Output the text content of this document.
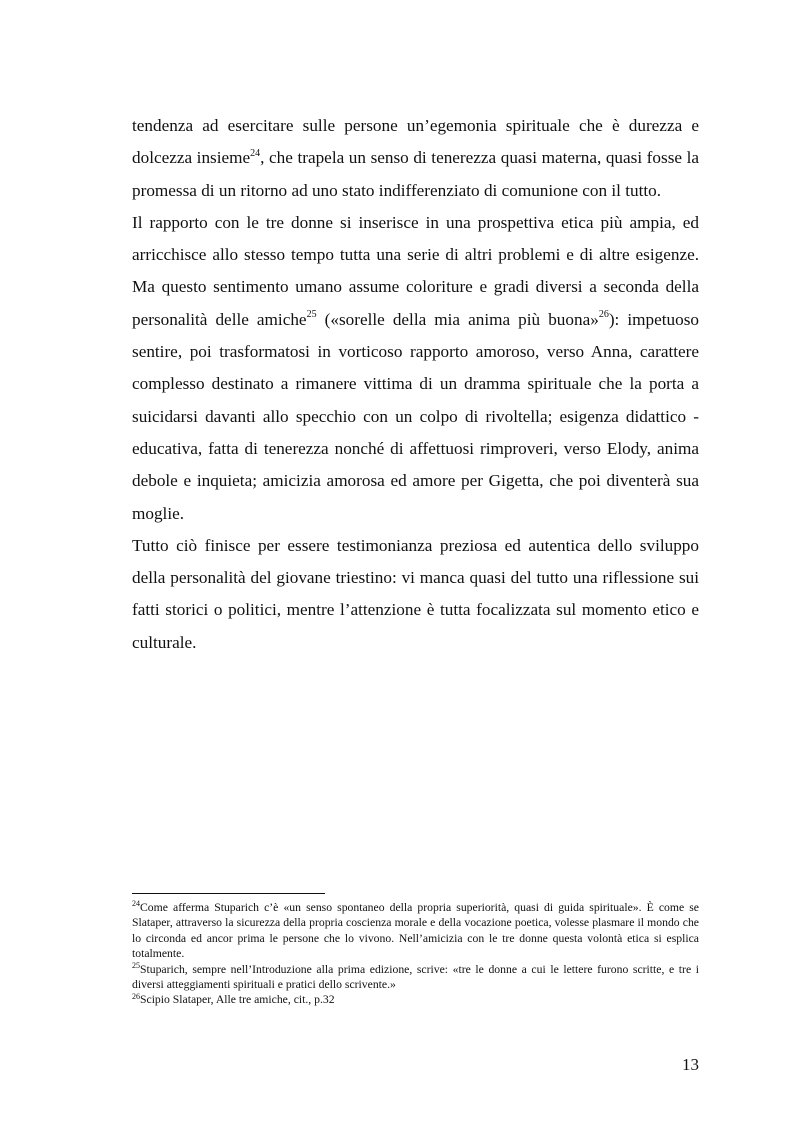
tendenza ad esercitare sulle persone un’egemonia spirituale che è durezza e dolcezza insieme$^{24}$, che trapela un senso di tenerezza quasi materna, quasi fosse la promessa di un ritorno ad uno stato indifferenziato di comunione con il tutto.

Il rapporto con le tre donne si inserisce in una prospettiva etica più ampia, ed arricchisce allo stesso tempo tutta una serie di altri problemi e di altre esigenze. Ma questo sentimento umano assume coloriture e gradi diversi a seconda della personalità delle amiche$^{25}$ («sorelle della mia anima più buona»$^{26}$): impetuoso sentire, poi trasformatosi in vorticoso rapporto amoroso, verso Anna, carattere complesso destinato a rimanere vittima di un dramma spirituale che la porta a suicidarsi davanti allo specchio con un colpo di rivoltella; esigenza didattico - educativa, fatta di tenerezza nonché di affettuosi rimproveri, verso Elody, anima debole e inquieta; amicizia amorosa ed amore per Gigetta, che poi diventerà sua moglie.

Tutto ciò finisce per essere testimonianza preziosa ed autentica dello sviluppo della personalità del giovane triestino: vi manca quasi del tutto una riflessione sui fatti storici o politici, mentre l’attenzione è tutta focalizzata sul momento etico e culturale.

$^{24}$Come afferma Stuparich c’è «un senso spontaneo della propria superiorità, quasi di guida spirituale». È come se Slataper, attraverso la sicurezza della propria coscienza morale e della vocazione poetica, volesse plasmare il mondo che lo circonda ed ancor prima le persone che lo vivono. Nell’amicizia con le tre donne questa volontà etica si esplica totalmente.

$^{25}$Stuparich, sempre nell’Introduzione alla prima edizione, scrive: «tre le donne a cui le lettere furono scritte, e tre i diversi atteggiamenti spirituali e pratici dello scrivente.»

$^{26}$Scipio Slataper, Alle tre amiche, cit., p.32

13
